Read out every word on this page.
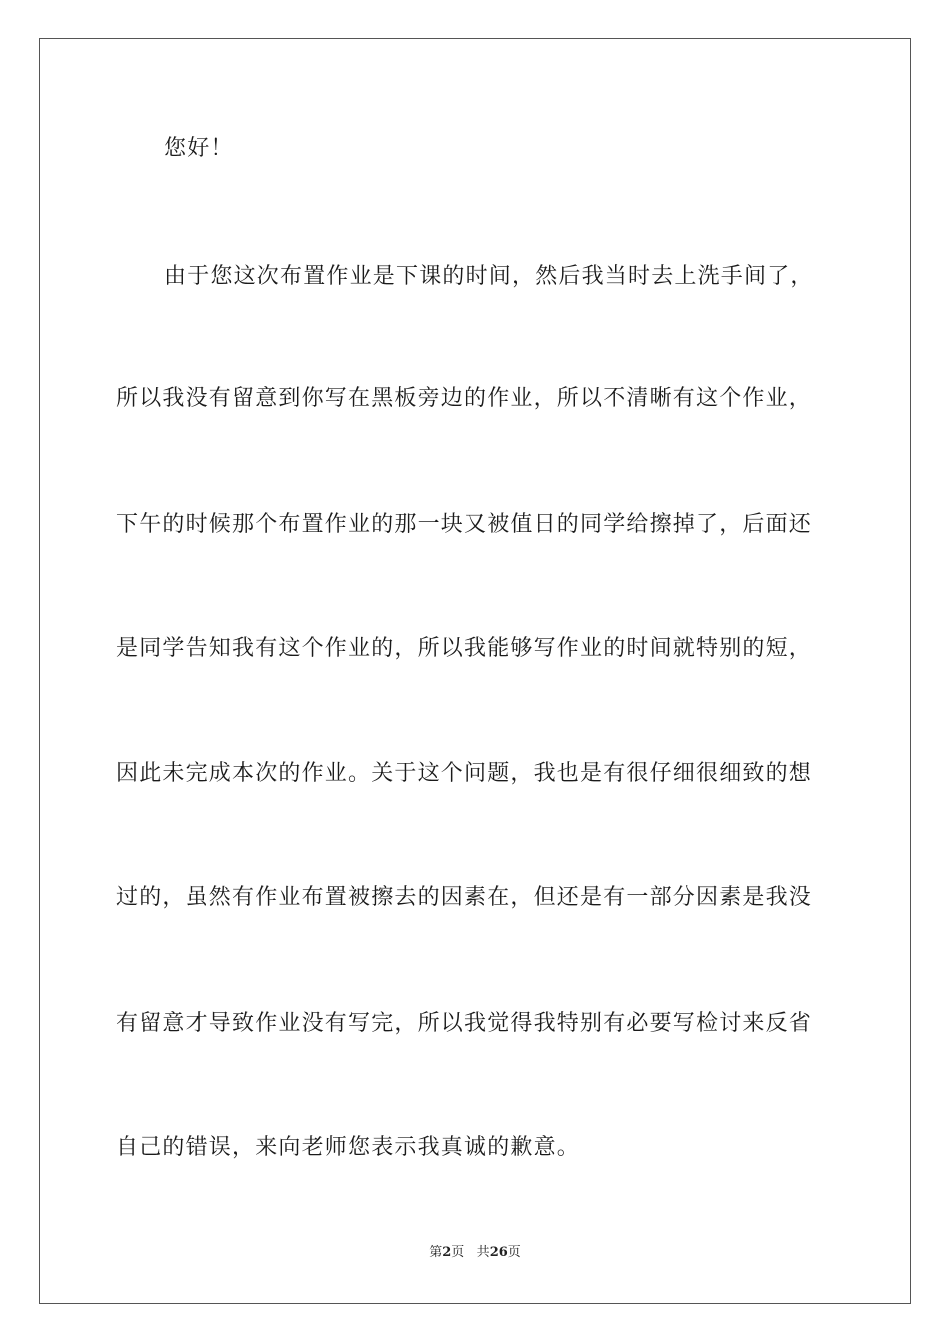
您好！
由于您这次布置作业是下课的时间，然后我当时去上洗手间了，
所以我没有留意到你写在黑板旁边的作业，所以不清晰有这个作业，
下午的时候那个布置作业的那一块又被值日的同学给擦掉了，后面还
是同学告知我有这个作业的，所以我能够写作业的时间就特别的短，
因此未完成本次的作业。关于这个问题，我也是有很仔细很细致的想
过的，虽然有作业布置被擦去的因素在，但还是有一部分因素是我没
有留意才导致作业没有写完，所以我觉得我特别有必要写检讨来反省
自己的错误，来向老师您表示我真诚的歉意。
第2页 共26页
